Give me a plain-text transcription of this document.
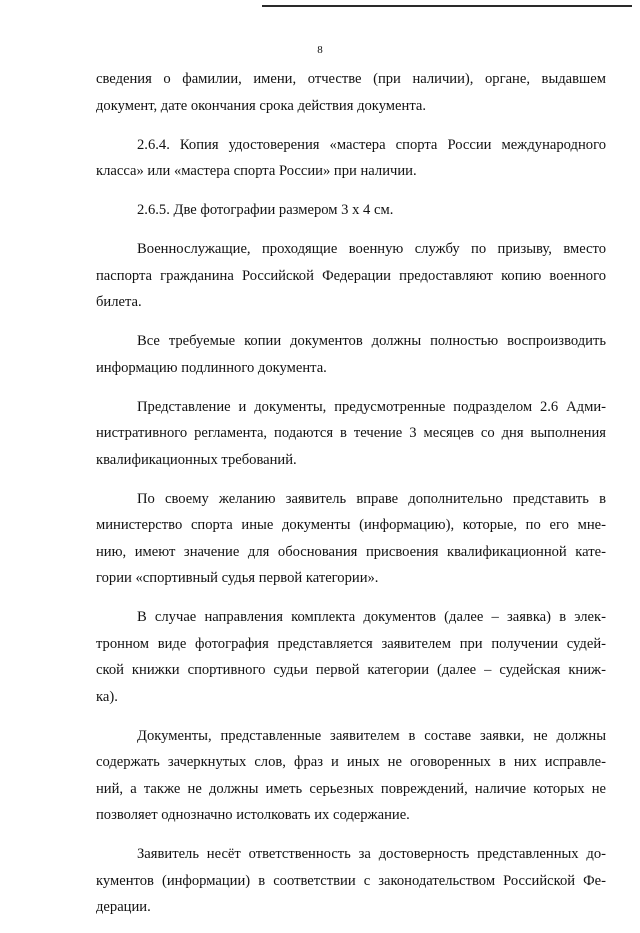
8

сведения о фамилии, имени, отчестве (при наличии), органе, выдавшем
документ, дате окончания срока действия документа.

2.6.4. Копия удостоверения «мастера спорта России международного
класса» или «мастера спорта России» при наличии.

2.6.5. Две фотографии размером 3 х 4 см.

Военнослужащие, проходящие военную службу по призыву, вместо
паспорта гражданина Российской Федерации предоставляют копию военного
билета.

Все требуемые копии документов должны полностью воспроизводить
информацию подлинного документа.

Представление и документы, предусмотренные подразделом 2.6 Адми-
нистративного регламента, подаются в течение 3 месяцев со дня выполнения
квалификационных требований.

По своему желанию заявитель вправе дополнительно представить в
министерство спорта иные документы (информацию), которые, по его мне-
нию, имеют значение для обоснования присвоения квалификационной кате-
гории «спортивный судья первой категории».

В случае направления комплекта документов (далее – заявка) в элек-
тронном виде фотография представляется заявителем при получении судей-
ской книжки спортивного судьи первой категории (далее – судейская книж-
ка).

Документы, представленные заявителем в составе заявки, не должны
содержать зачеркнутых слов, фраз и иных не оговоренных в них исправле-
ний, а также не должны иметь серьезных повреждений, наличие которых не
позволяет однозначно истолковать их содержание.

Заявитель несёт ответственность за достоверность представленных до-
кументов (информации) в соответствии с законодательством Российской Фе-
дерации.
